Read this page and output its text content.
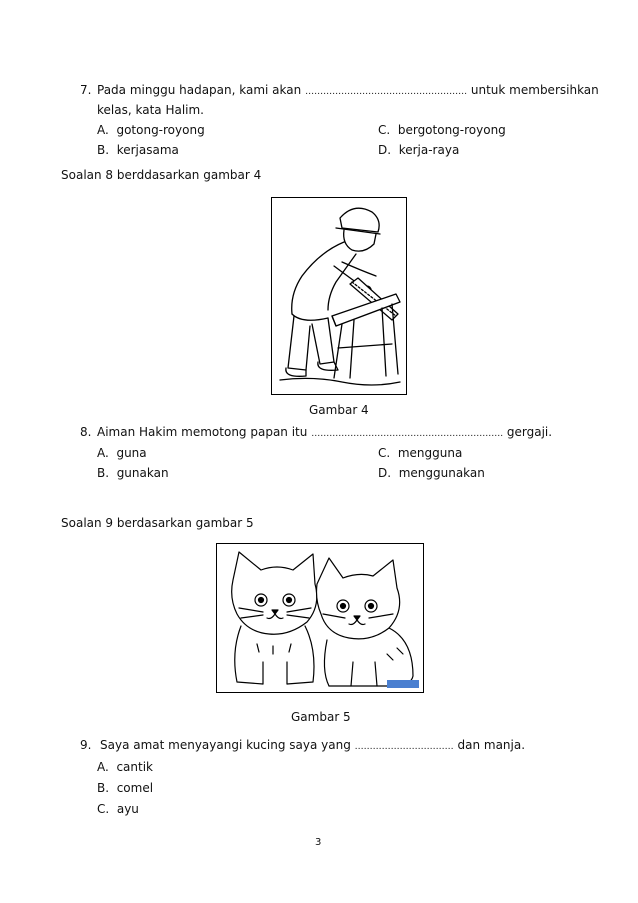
7. Pada minggu hadapan, kami akan ……………………………………………… untuk membersihkan
kelas, kata Halim.
A. gotong-royong
B. kerjasama
C. bergotong-royong
D. kerja-raya
Soalan 8 berddasarkan gambar 4
Gambar 4
8. Aiman Hakim memotong papan itu ………………………………………………………. gergaji.
A. guna
B. gunakan
C. mengguna
D. menggunakan
Soalan 9 berdasarkan gambar 5
Gambar 5
9. Saya amat menyayangi kucing saya yang …………………………… dan manja.
A. cantik
B. comel
C. ayu
3
